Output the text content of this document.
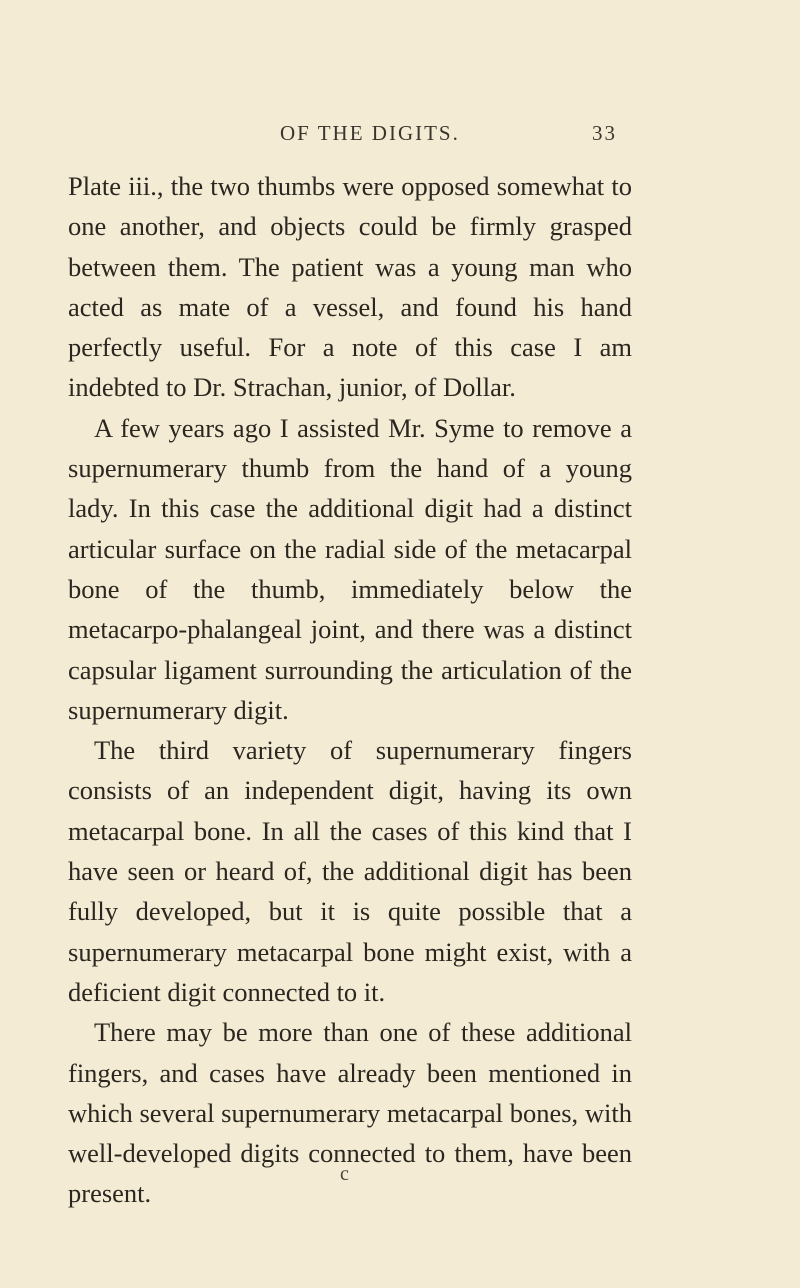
OF THE DIGITS.	33

Plate iii., the two thumbs were opposed somewhat to one another, and objects could be firmly grasped between them. The patient was a young man who acted as mate of a vessel, and found his hand perfectly useful. For a note of this case I am indebted to Dr. Strachan, junior, of Dollar.

A few years ago I assisted Mr. Syme to remove a supernumerary thumb from the hand of a young lady. In this case the additional digit had a distinct articular surface on the radial side of the metacarpal bone of the thumb, immediately below the metacarpo-phalangeal joint, and there was a distinct capsular ligament surrounding the articulation of the supernumerary digit.

The third variety of supernumerary fingers consists of an independent digit, having its own metacarpal bone. In all the cases of this kind that I have seen or heard of, the additional digit has been fully developed, but it is quite possible that a supernumerary metacarpal bone might exist, with a deficient digit connected to it.

There may be more than one of these additional fingers, and cases have already been mentioned in which several supernumerary metacarpal bones, with well-developed digits connected to them, have been present.

c
